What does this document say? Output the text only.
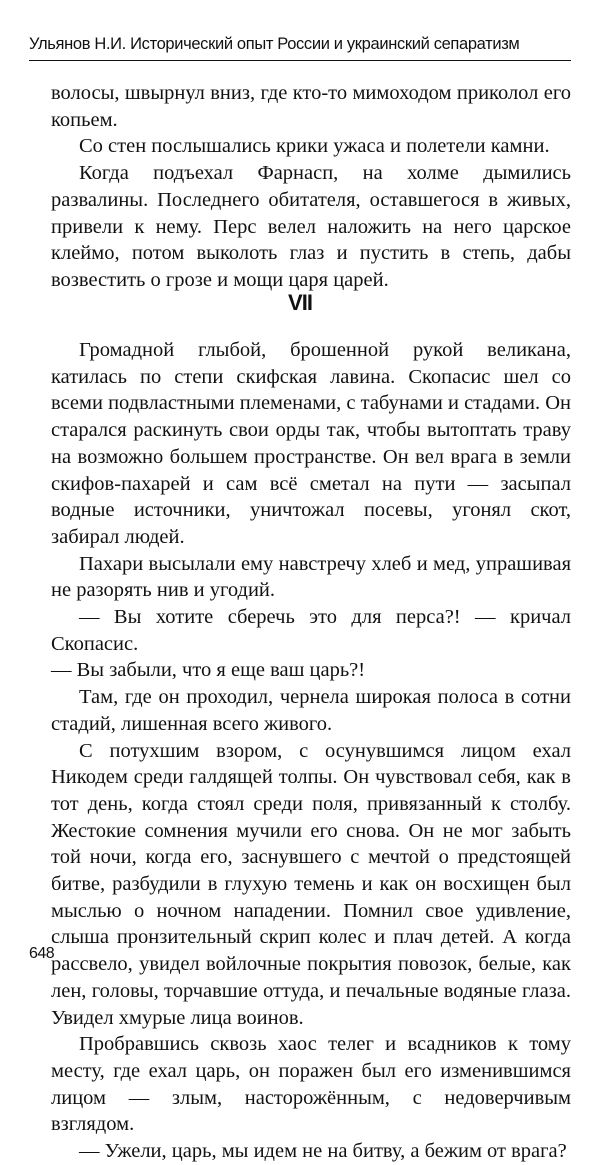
Ульянов Н.И. Исторический опыт России и украинский сепаратизм

волосы, швырнул вниз, где кто-то мимоходом приколол его копьем.

Со стен послышались крики ужаса и полетели камни.

Когда подъехал Фарнасп, на холме дымились развалины. Последнего обитателя, оставшегося в живых, привели к нему. Перс велел наложить на него царское клеймо, потом выколоть глаз и пустить в степь, дабы возвестить о грозе и мощи царя царей.

VII

Громадной глыбой, брошенной рукой великана, катилась по степи скифская лавина. Скопасис шел со всеми подвластными племенами, с табунами и стадами. Он старался раскинуть свои орды так, чтобы вытоптать траву на возможно большем пространстве. Он вел врага в земли скифов-пахарей и сам всё сметал на пути — засыпал водные источники, уничтожал посевы, угонял скот, забирал людей.

Пахари высылали ему навстречу хлеб и мед, упрашивая не разорять нив и угодий.

— Вы хотите сберечь это для перса?! — кричал Скопасис.

— Вы забыли, что я еще ваш царь?!

Там, где он проходил, чернела широкая полоса в сотни стадий, лишенная всего живого.

С потухшим взором, с осунувшимся лицом ехал Никодем среди галдящей толпы. Он чувствовал себя, как в тот день, когда стоял среди поля, привязанный к столбу. Жестокие сомнения мучили его снова. Он не мог забыть той ночи, когда его, заснувшего с мечтой о предстоящей битве, разбудили в глухую темень и как он восхищен был мыслью о ночном нападении. Помнил свое удивление, слыша пронзительный скрип колес и плач детей. А когда рассвело, увидел войлочные покрытия повозок, белые, как лен, головы, торчавшие оттуда, и печальные водяные глаза. Увидел хмурые лица воинов.

Пробравшись сквозь хаос телег и всадников к тому месту, где ехал царь, он поражен был его изменившимся лицом — злым, насторожённым, с недоверчивым взглядом.

— Ужели, царь, мы идем не на битву, а бежим от врага?

648
